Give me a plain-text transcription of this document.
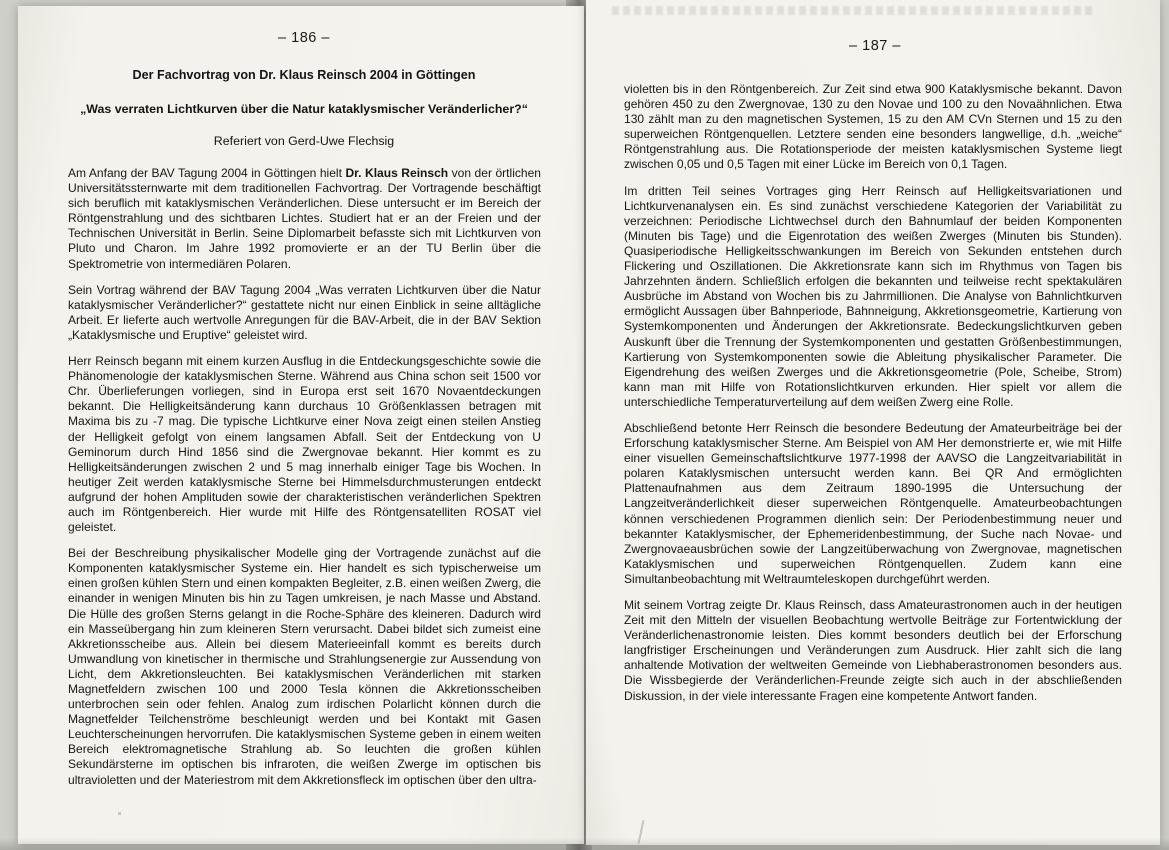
– 186 –
Der Fachvortrag von Dr. Klaus Reinsch 2004 in Göttingen
„Was verraten Lichtkurven über die Natur kataklysmischer Veränderlicher?“
Referiert von Gerd-Uwe Flechsig

Am Anfang der BAV Tagung 2004 in Göttingen hielt Dr. Klaus Reinsch von der örtlichen Universitätssternwarte mit dem traditionellen Fachvortrag. Der Vortragende beschäftigt sich beruflich mit kataklysmischen Veränderlichen. Diese untersucht er im Bereich der Röntgenstrahlung und des sichtbaren Lichtes. Studiert hat er an der Freien und der Technischen Universität in Berlin. Seine Diplomarbeit befasste sich mit Lichtkurven von Pluto und Charon. Im Jahre 1992 promovierte er an der TU Berlin über die Spektrometrie von intermediären Polaren.

Sein Vortrag während der BAV Tagung 2004 „Was verraten Lichtkurven über die Natur kataklysmischer Veränderlicher?“ gestattete nicht nur einen Einblick in seine alltägliche Arbeit. Er lieferte auch wertvolle Anregungen für die BAV-Arbeit, die in der BAV Sektion „Kataklysmische und Eruptive“ geleistet wird.

Herr Reinsch begann mit einem kurzen Ausflug in die Entdeckungsgeschichte sowie die Phänomenologie der kataklysmischen Sterne. Während aus China schon seit 1500 vor Chr. Überlieferungen vorliegen, sind in Europa erst seit 1670 Novaentdeckungen bekannt. Die Helligkeitsänderung kann durchaus 10 Größenklassen betragen mit Maxima bis zu -7 mag. Die typische Lichtkurve einer Nova zeigt einen steilen Anstieg der Helligkeit gefolgt von einem langsamen Abfall. Seit der Entdeckung von U Geminorum durch Hind 1856 sind die Zwergnovae bekannt. Hier kommt es zu Helligkeitsänderungen zwischen 2 und 5 mag innerhalb einiger Tage bis Wochen. In heutiger Zeit werden kataklysmische Sterne bei Himmelsdurchmusterungen entdeckt aufgrund der hohen Amplituden sowie der charakteristischen veränderlichen Spektren auch im Röntgenbereich. Hier wurde mit Hilfe des Röntgensatelliten ROSAT viel geleistet.

Bei der Beschreibung physikalischer Modelle ging der Vortragende zunächst auf die Komponenten kataklysmischer Systeme ein. Hier handelt es sich typischerweise um einen großen kühlen Stern und einen kompakten Begleiter, z.B. einen weißen Zwerg, die einander in wenigen Minuten bis hin zu Tagen umkreisen, je nach Masse und Abstand. Die Hülle des großen Sterns gelangt in die Roche-Sphäre des kleineren. Dadurch wird ein Masseübergang hin zum kleineren Stern verursacht. Dabei bildet sich zumeist eine Akkretionsscheibe aus. Allein bei diesem Materieeinfall kommt es bereits durch Umwandlung von kinetischer in thermische und Strahlungsenergie zur Aussendung von Licht, dem Akkretionsleuchten. Bei kataklysmischen Veränderlichen mit starken Magnetfeldern zwischen 100 und 2000 Tesla können die Akkretionsscheiben unterbrochen sein oder fehlen. Analog zum irdischen Polarlicht können durch die Magnetfelder Teilchenströme beschleunigt werden und bei Kontakt mit Gasen Leuchterscheinungen hervorrufen. Die kataklysmischen Systeme geben in einem weiten Bereich elektromagnetische Strahlung ab. So leuchten die großen kühlen Sekundärsterne im optischen bis infraroten, die weißen Zwerge im optischen bis ultravioletten und der Materiestrom mit dem Akkretionsfleck im optischen über den ultra-

– 187 –

violetten bis in den Röntgenbereich. Zur Zeit sind etwa 900 Kataklysmische bekannt. Davon gehören 450 zu den Zwergnovae, 130 zu den Novae und 100 zu den Novaähnlichen. Etwa 130 zählt man zu den magnetischen Systemen, 15 zu den AM CVn Sternen und 15 zu den superweichen Röntgenquellen. Letztere senden eine besonders langwellige, d.h. „weiche“ Röntgenstrahlung aus. Die Rotationsperiode der meisten kataklysmischen Systeme liegt zwischen 0,05 und 0,5 Tagen mit einer Lücke im Bereich von 0,1 Tagen.

Im dritten Teil seines Vortrages ging Herr Reinsch auf Helligkeitsvariationen und Lichtkurvenanalysen ein. Es sind zunächst verschiedene Kategorien der Variabilität zu verzeichnen: Periodische Lichtwechsel durch den Bahnumlauf der beiden Komponenten (Minuten bis Tage) und die Eigenrotation des weißen Zwerges (Minuten bis Stunden). Quasiperiodische Helligkeitsschwankungen im Bereich von Sekunden entstehen durch Flickering und Oszillationen. Die Akkretionsrate kann sich im Rhythmus von Tagen bis Jahrzehnten ändern. Schließlich erfolgen die bekannten und teilweise recht spektakulären Ausbrüche im Abstand von Wochen bis zu Jahrmillionen. Die Analyse von Bahnlichtkurven ermöglicht Aussagen über Bahnperiode, Bahnneigung, Akkretionsgeometrie, Kartierung von Systemkomponenten und Änderungen der Akkretionsrate. Bedeckungslichtkurven geben Auskunft über die Trennung der Systemkomponenten und gestatten Größenbestimmungen, Kartierung von Systemkomponenten sowie die Ableitung physikalischer Parameter. Die Eigendrehung des weißen Zwerges und die Akkretionsgeometrie (Pole, Scheibe, Strom) kann man mit Hilfe von Rotationslichtkurven erkunden. Hier spielt vor allem die unterschiedliche Temperaturverteilung auf dem weißen Zwerg eine Rolle.

Abschließend betonte Herr Reinsch die besondere Bedeutung der Amateurbeiträge bei der Erforschung kataklysmischer Sterne. Am Beispiel von AM Her demonstrierte er, wie mit Hilfe einer visuellen Gemeinschaftslichtkurve 1977-1998 der AAVSO die Langzeitvariabilität in polaren Kataklysmischen untersucht werden kann. Bei QR And ermöglichten Plattenaufnahmen aus dem Zeitraum 1890-1995 die Untersuchung der Langzeitveränderlichkeit dieser superweichen Röntgenquelle. Amateurbeobachtungen können verschiedenen Programmen dienlich sein: Der Periodenbestimmung neuer und bekannter Kataklysmischer, der Ephemeridenbestimmung, der Suche nach Novae- und Zwergnovaeausbrüchen sowie der Langzeitüberwachung von Zwergnovae, magnetischen Kataklysmischen und superweichen Röntgenquellen. Zudem kann eine Simultanbeobachtung mit Weltraumteleskopen durchgeführt werden.

Mit seinem Vortrag zeigte Dr. Klaus Reinsch, dass Amateurastronomen auch in der heutigen Zeit mit den Mitteln der visuellen Beobachtung wertvolle Beiträge zur Fortentwicklung der Veränderlichenastronomie leisten. Dies kommt besonders deutlich bei der Erforschung langfristiger Erscheinungen und Veränderungen zum Ausdruck. Hier zahlt sich die lang anhaltende Motivation der weltweiten Gemeinde von Liebhaberastronomen besonders aus. Die Wissbegierde der Veränderlichen-Freunde zeigte sich auch in der abschließenden Diskussion, in der viele interessante Fragen eine kompetente Antwort fanden.
